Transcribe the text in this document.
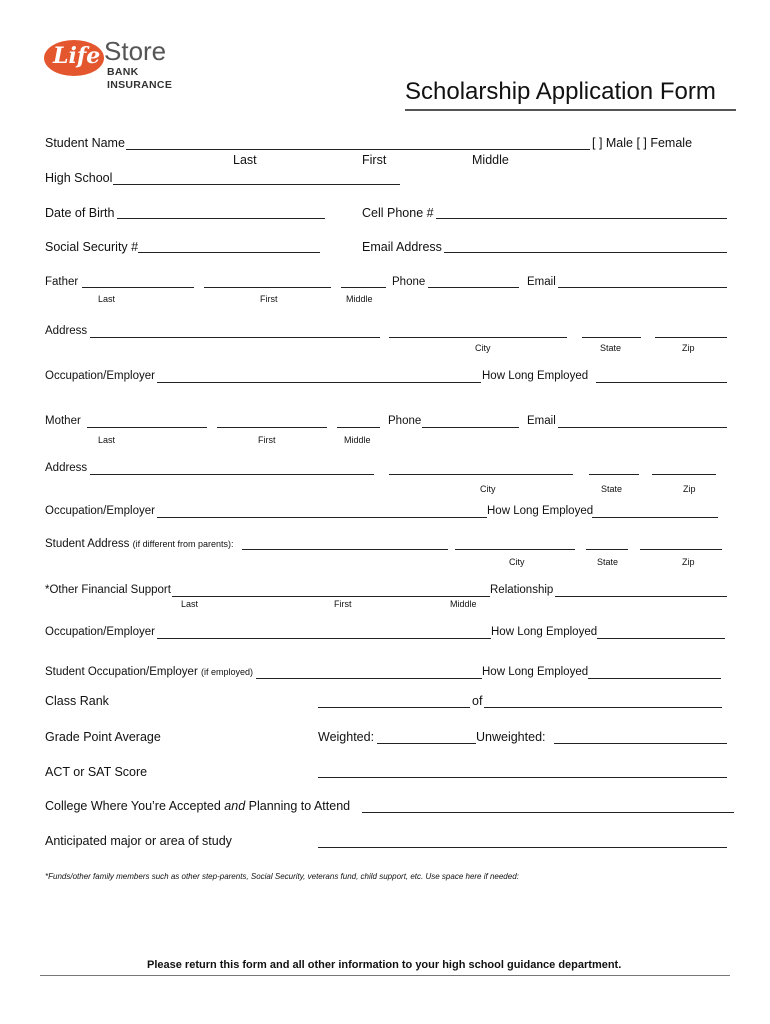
Life Store
BANK
INSURANCE	Scholarship Application Form
Student Name	[ ] Male [ ] Female
Last	First	Middle
High School
Date of Birth	Cell Phone #
Social Security #	Email Address
Father	Phone	Email
Last	First	Middle
Address
City	State	Zip
Occupation/Employer	How Long Employed
Mother	Phone	Email
Last	First	Middle
Address
City	State	Zip
Occupation/Employer	How Long Employed
Student Address (if different from parents):
City	State	Zip
*Other Financial Support	Relationship
Last	First	Middle
Occupation/Employer	How Long Employed
Student Occupation/Employer (if employed)	How Long Employed
Class Rank	of
Grade Point Average	Weighted:	Unweighted:
ACT or SAT Score
College Where You’re Accepted and Planning to Attend
Anticipated major or area of study
*Funds/other family members such as other step-parents, Social Security, veterans fund, child support, etc. Use space here if needed:
Please return this form and all other information to your high school guidance department.
